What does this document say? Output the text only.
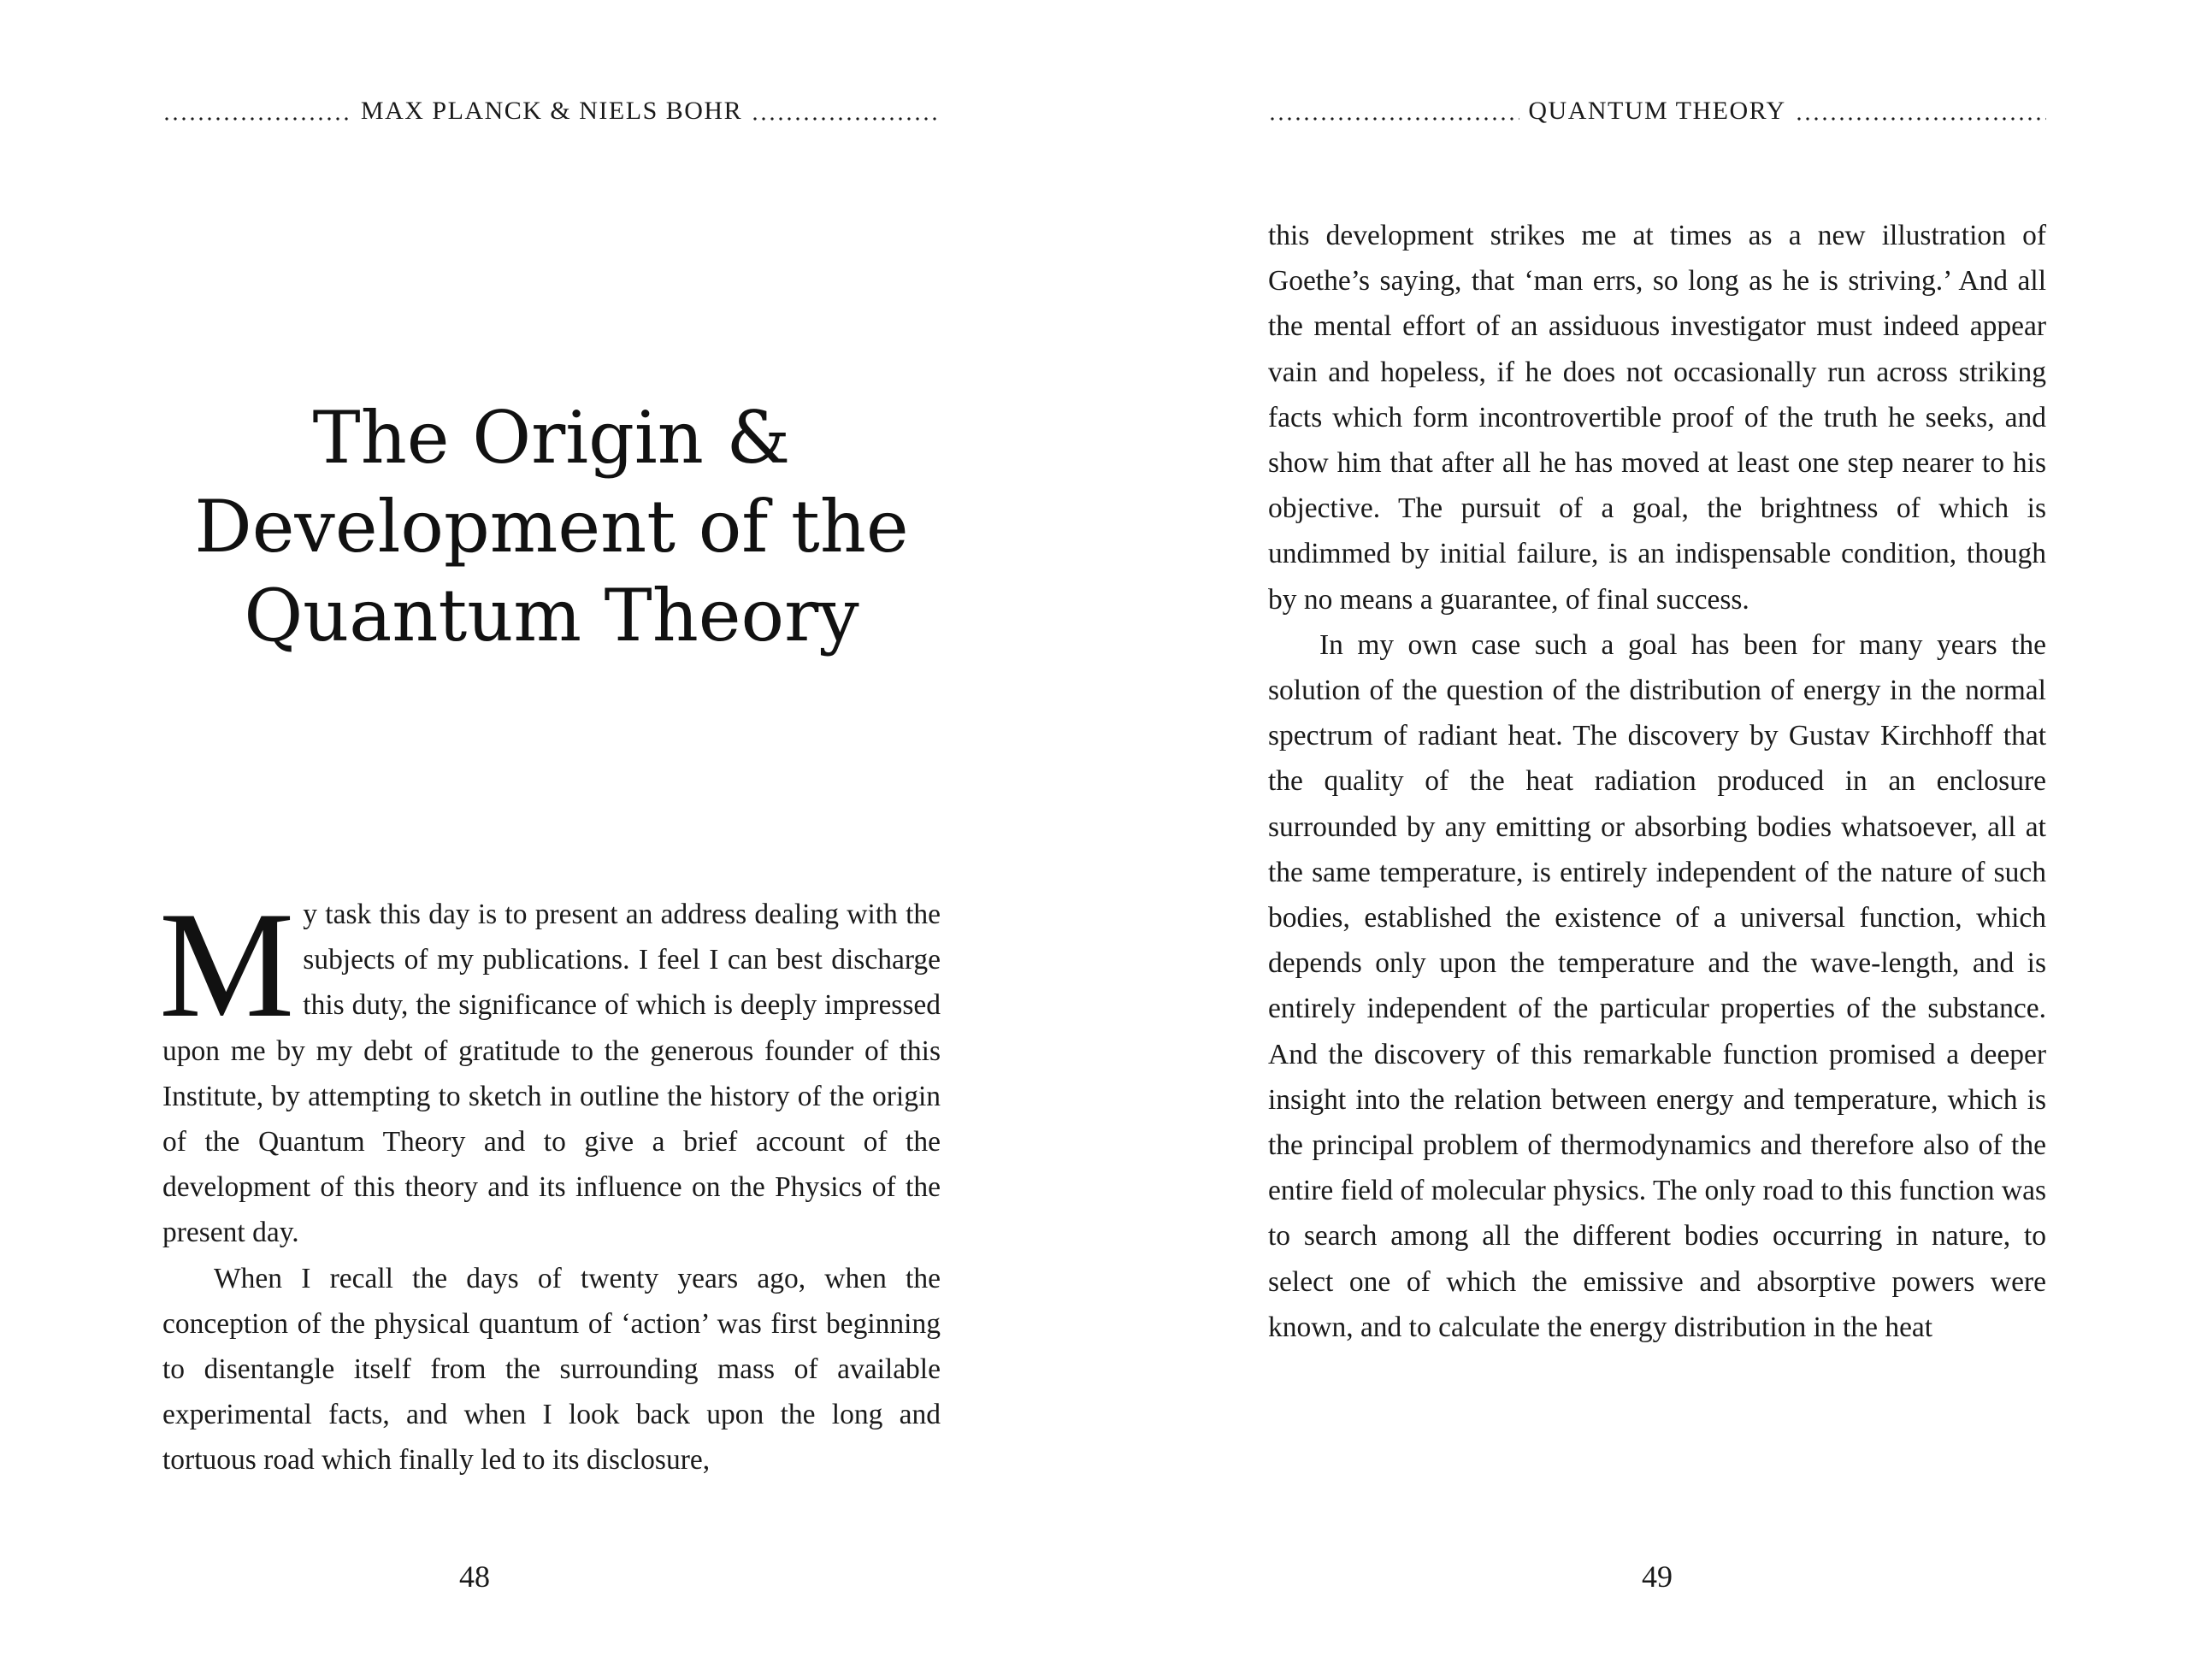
MAX PLANCK & NIELS BOHR
The Origin &
Development of the
Quantum Theory

My task this day is to present an address dealing with the subjects of my publications. I feel I can best discharge this duty, the significance of which is deeply impressed upon me by my debt of gratitude to the generous founder of this Institute, by attempting to sketch in outline the history of the origin of the Quantum Theory and to give a brief account of the development of this theory and its influence on the Physics of the present day.

When I recall the days of twenty years ago, when the conception of the physical quantum of ‘action’ was first beginning to disentangle itself from the surrounding mass of available experimental facts, and when I look back upon the long and tortuous road which finally led to its disclosure,

48
QUANTUM THEORY

this development strikes me at times as a new illustration of Goethe’s saying, that ‘man errs, so long as he is striving.’ And all the mental effort of an assiduous investigator must indeed appear vain and hopeless, if he does not occasionally run across striking facts which form incontrovertible proof of the truth he seeks, and show him that after all he has moved at least one step nearer to his objective. The pursuit of a goal, the brightness of which is undimmed by initial failure, is an indispensable condition, though by no means a guarantee, of final success.

In my own case such a goal has been for many years the solution of the question of the distribution of energy in the normal spectrum of radiant heat. The discovery by Gustav Kirchhoff that the quality of the heat radiation produced in an enclosure surrounded by any emitting or absorbing bodies whatsoever, all at the same temperature, is entirely independent of the nature of such bodies, established the existence of a universal function, which depends only upon the temperature and the wave-length, and is entirely independent of the particular properties of the substance. And the discovery of this remarkable function promised a deeper insight into the relation between energy and temperature, which is the principal problem of thermodynamics and therefore also of the entire field of molecular physics. The only road to this function was to search among all the different bodies occurring in nature, to select one of which the emissive and absorptive powers were known, and to calculate the energy distribution in the heat

49
